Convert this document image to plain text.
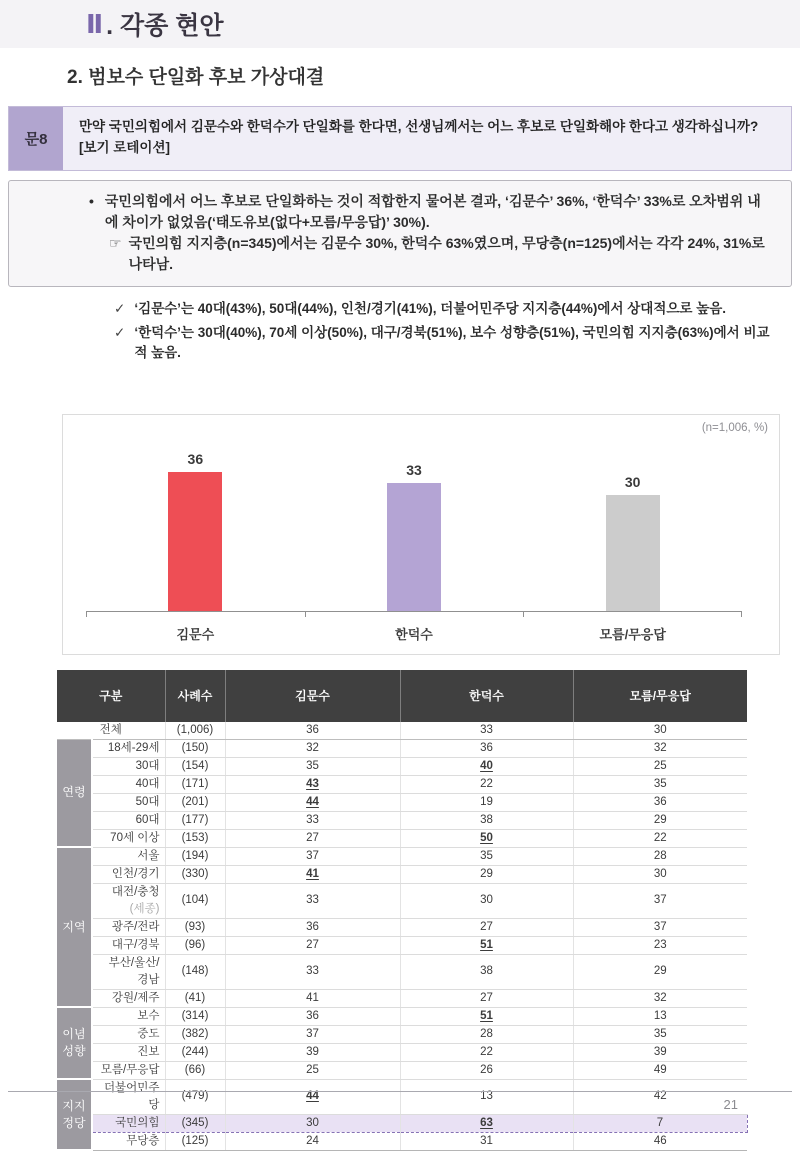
Ⅱ . 각종 현안
2. 범보수 단일화 후보 가상대결
문8
만약 국민의힘에서 김문수와 한덕수가 단일화를 한다면, 선생님께서는 어느 후보로 단일화해야 한다고 생각하십니까?
[보기 로테이션]
• 국민의힘에서 어느 후보로 단일화하는 것이 적합한지 물어본 결과, ‘김문수’ 36%, ‘한덕수’ 33%로 오차범위 내에 차이가 없었음(‘태도유보(없다+모름/무응답)’ 30%).
☞ 국민의힘 지지층(n=345)에서는 김문수 30%, 한덕수 63%였으며, 무당층(n=125)에서는 각각 24%, 31%로 나타남.
✓ ‘김문수’는 40대(43%), 50대(44%), 인천/경기(41%), 더불어민주당 지지층(44%)에서 상대적으로 높음.
✓ ‘한덕수’는 30대(40%), 70세 이상(50%), 대구/경북(51%), 보수 성향층(51%), 국민의힘 지지층(63%)에서 비교적 높음.
(n=1,006, %)
36
33
30
김문수	한덕수	모름/무응답
구분		사례수	김문수	한덕수	모름/무응답
전체		(1,006)	36	33	30
연령	18세-29세	(150)	32	36	32
	30대	(154)	35	40	25
	40대	(171)	43	22	35
	50대	(201)	44	19	36
	60대	(177)	33	38	29
	70세 이상	(153)	27	50	22
지역	서울	(194)	37	35	28
	인천/경기	(330)	41	29	30
	대전/충청(세종)	(104)	33	30	37
	광주/전라	(93)	36	27	37
	대구/경북	(96)	27	51	23
	부산/울산/경남	(148)	33	38	29
	강원/제주	(41)	41	27	32
이념
성향	보수	(314)	36	51	13
	중도	(382)	37	28	35
	진보	(244)	39	22	39
	모름/무응답	(66)	25	26	49
지지
정당	더불어민주당	(479)	44	13	42
	국민의힘	(345)	30	63	7
	무당층	(125)	24	31	46
21
